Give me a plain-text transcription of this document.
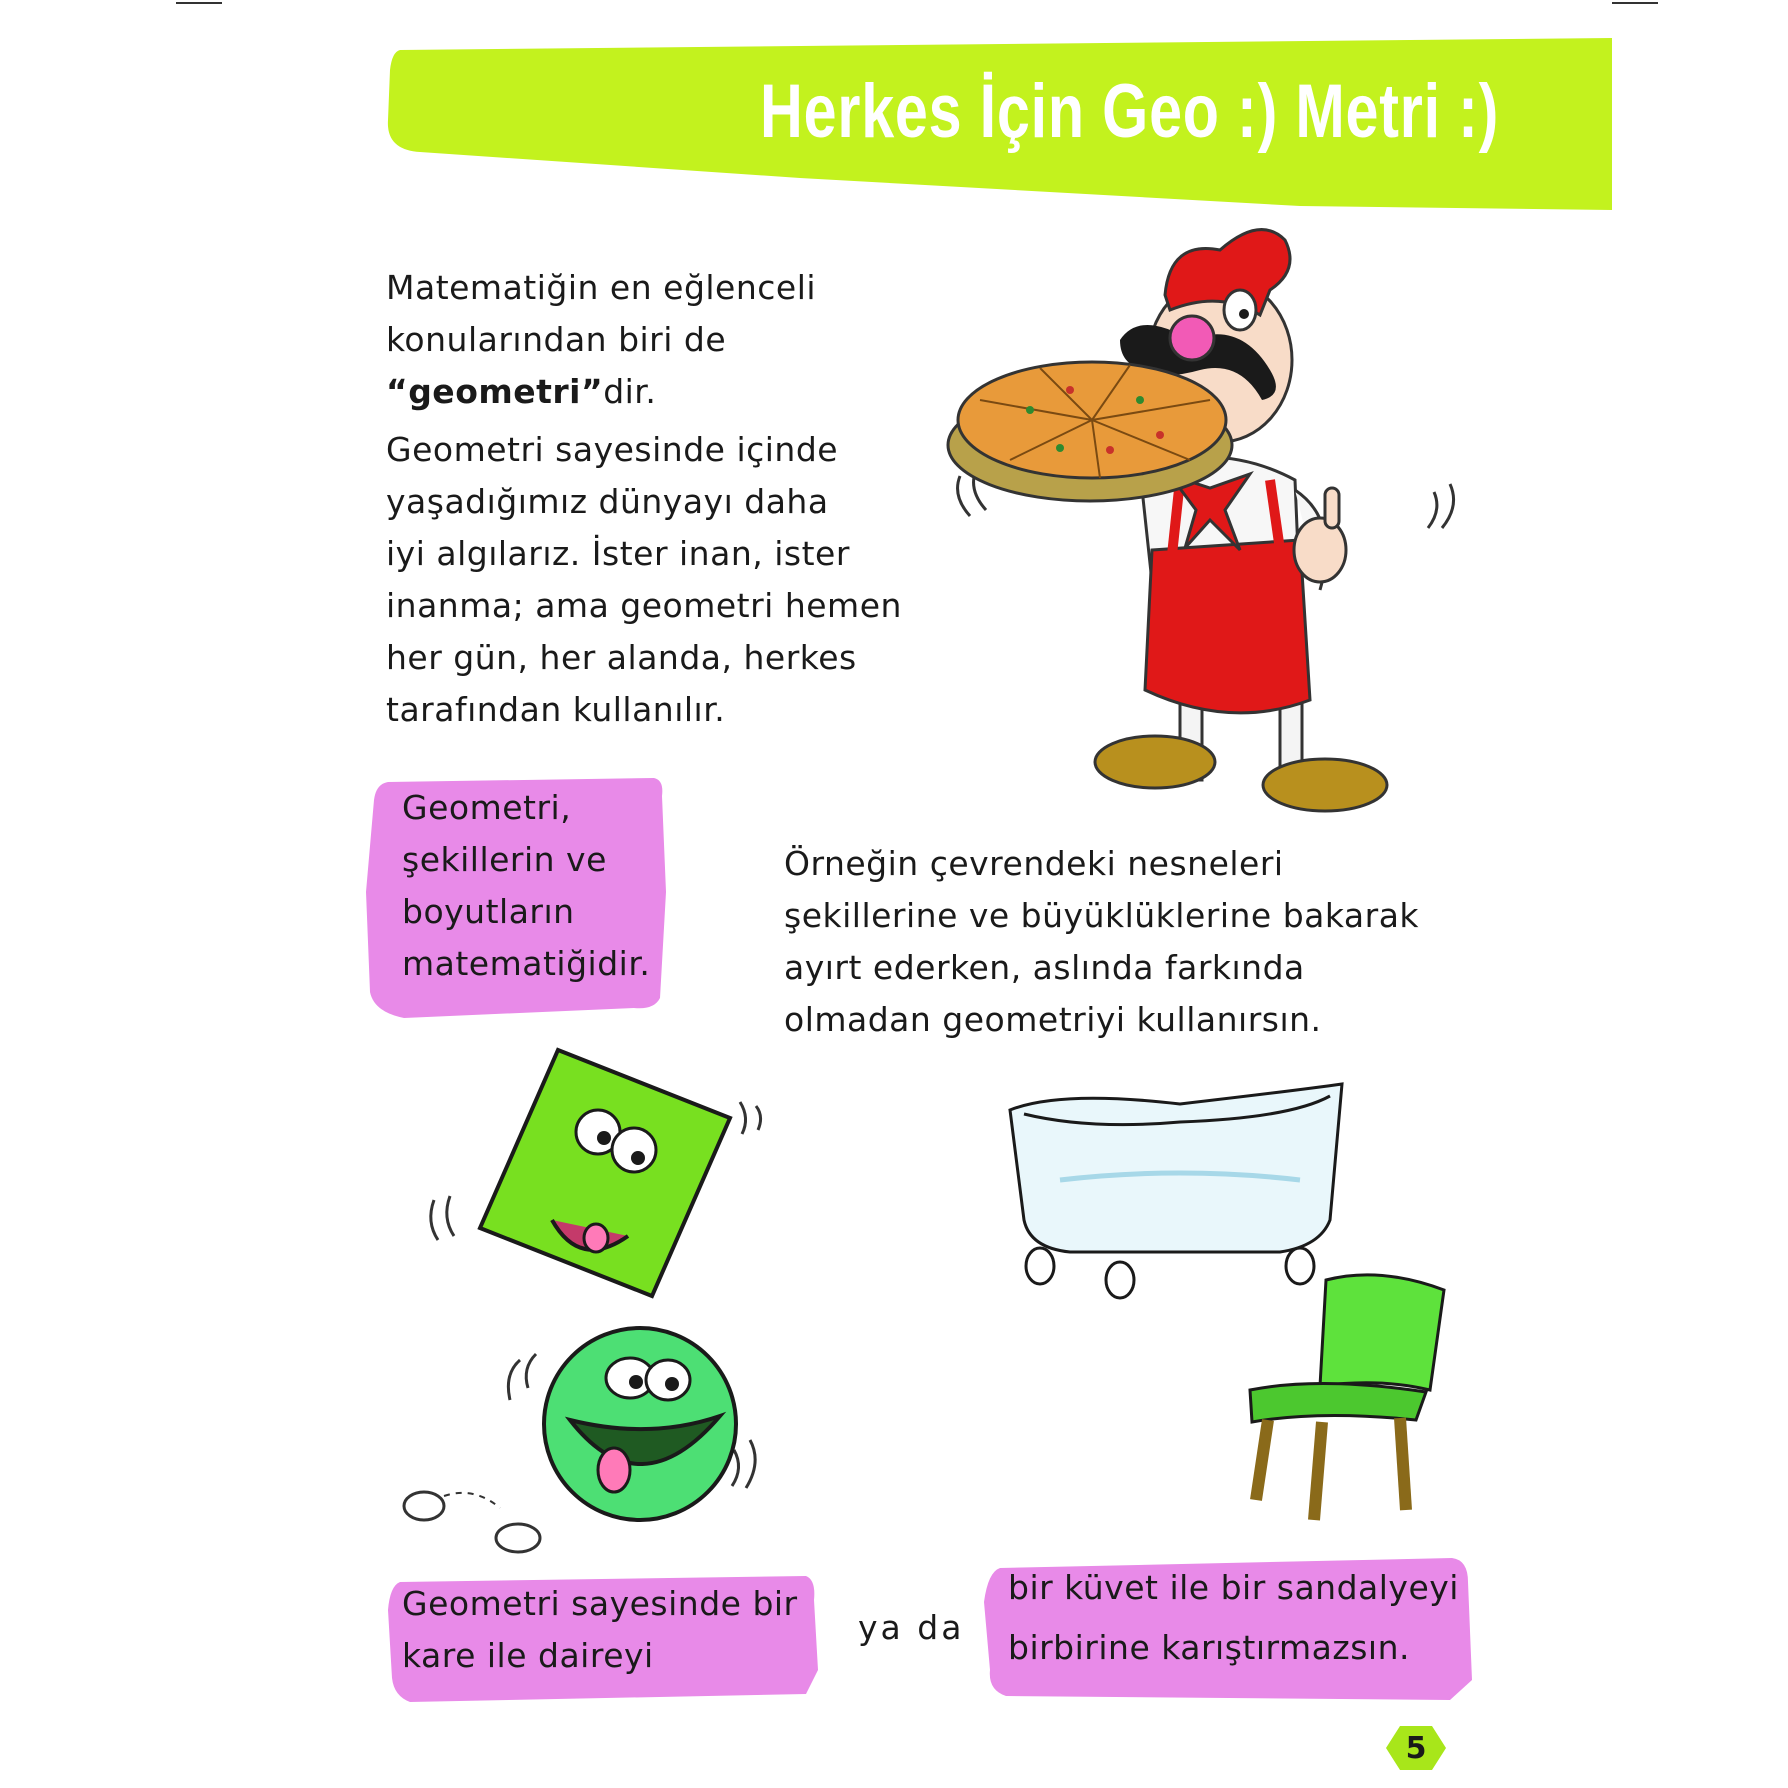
Herkes İçin Geo :) Metri :)

Matematiğin en eğlenceli

konularından biri de

“geometri”dir.

Geometri sayesinde içinde

yaşadığımız dünyayı daha

iyi algılarız. İster inan, ister

inanma; ama geometri hemen

her gün, her alanda, herkes

tarafından kullanılır.

Geometri,
şekillerin ve
boyutların
matematiğidir.

Örneğin çevrendeki nesneleri

şekillerine ve büyüklüklerine bakarak

ayırt ederken, aslında farkında

olmadan geometriyi kullanırsın.

Geometri sayesinde bir
kare ile daireyi
ya da
bir küvet ile bir sandalyeyi
birbirine karıştırmazsın.
5
